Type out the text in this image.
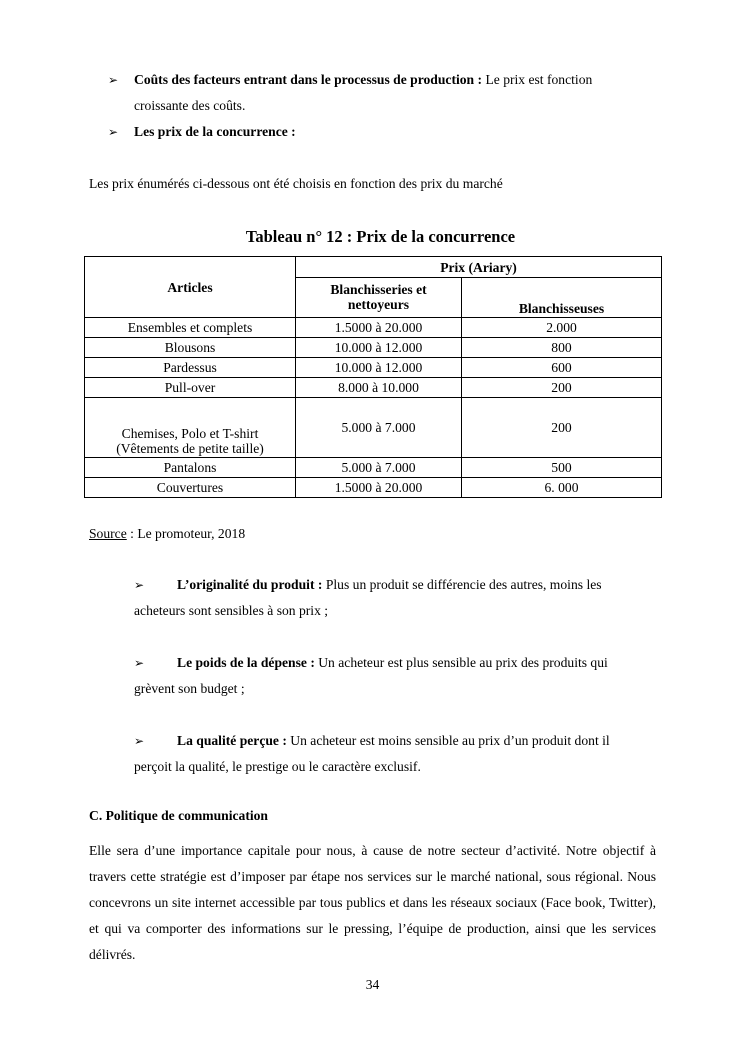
➢ Coûts des facteurs entrant dans le processus de production : Le prix est fonction
croissante des coûts.
➢ Les prix de la concurrence :
Les prix énumérés ci-dessous ont été choisis en fonction des prix du marché
Tableau n° 12 : Prix de la concurrence
Articles	Prix (Ariary)	
	Blanchisseries et nettoyeurs	Blanchisseuses
Ensembles et complets	1.5000 à 20.000	2.000
Blousons	10.000 à 12.000	800
Pardessus	10.000 à 12.000	600
Pull-over	8.000 à 10.000	200

Chemises, Polo et T-shirt
(Vêtements de petite taille)	5.000 à 7.000	200
Pantalons	5.000 à 7.000	500
Couvertures	1.5000 à 20.000	6. 000
Source : Le promoteur, 2018
➢	L’originalité du produit : Plus un produit se différencie des autres, moins les
acheteurs sont sensibles à son prix ;
➢	Le poids de la dépense : Un acheteur est plus sensible au prix des produits qui
grèvent son budget ;
➢	La qualité perçue : Un acheteur est moins sensible au prix d’un produit dont il
perçoit la qualité, le prestige ou le caractère exclusif.
C. Politique de communication
Elle sera d’une importance capitale pour nous, à cause de notre secteur d’activité. Notre objectif à travers cette stratégie est d’imposer par étape nos services sur le marché national, sous régional. Nous concevrons un site internet accessible par tous publics et dans les réseaux sociaux (Face book, Twitter), et qui va comporter des informations sur le pressing, l’équipe de production, ainsi que les services délivrés.
34
